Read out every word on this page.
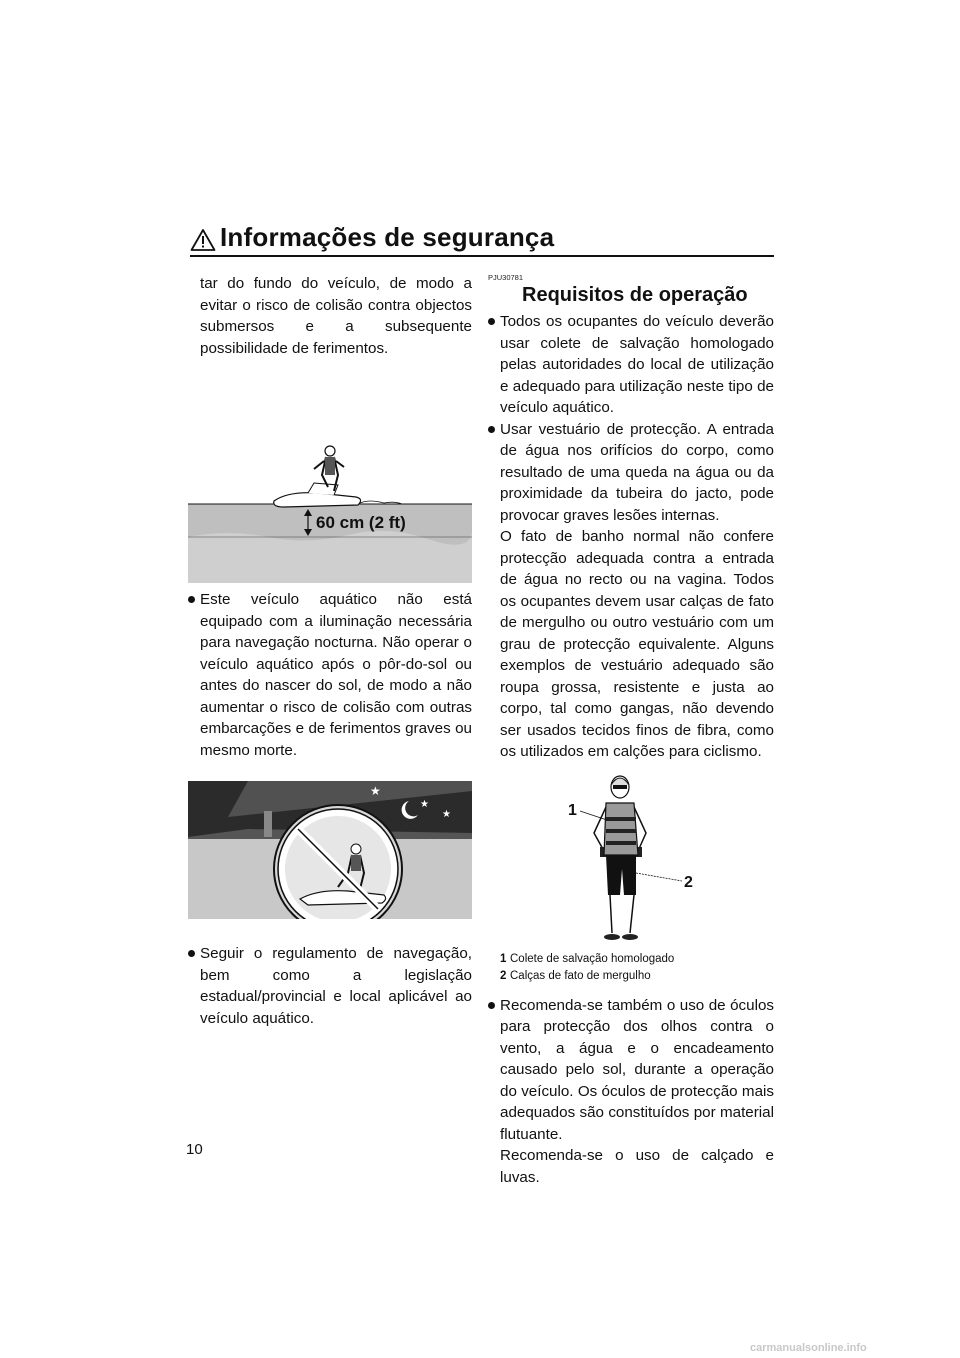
Informações de segurança

tar do fundo do veículo, de modo a evitar o risco de colisão contra objectos submersos e a subsequente possibilidade de ferimentos.

60 cm (2 ft)

Este veículo aquático não está equipado com a iluminação necessária para navegação nocturna. Não operar o veículo aquático após o pôr-do-sol ou antes do nascer do sol, de modo a não aumentar o risco de colisão com outras embarcações e de ferimentos graves ou mesmo morte.

★
★
★

Seguir o regulamento de navegação, bem como a legislação estadual/provincial e local aplicável ao veículo aquático.

PJU30781

Requisitos de operação

Todos os ocupantes do veículo deverão usar colete de salvação homologado pelas autoridades do local de utilização e adequado para utilização neste tipo de veículo aquático.

Usar vestuário de protecção. A entrada de água nos orifícios do corpo, como resultado de uma queda na água ou da proximidade da tubeira do jacto, pode provocar graves lesões internas.

O fato de banho normal não confere protecção adequada contra a entrada de água no recto ou na vagina. Todos os ocupantes devem usar calças de fato de mergulho ou outro vestuário com um grau de protecção equivalente. Alguns exemplos de vestuário adequado são roupa grossa, resistente e justa ao corpo, tal como gangas, não devendo ser usados tecidos finos de fibra, como os utilizados em calções para ciclismo.

1
2

1 Colete de salvação homologado

2 Calças de fato de mergulho

Recomenda-se também o uso de óculos para protecção dos olhos contra o vento, a água e o encadeamento causado pelo sol, durante a operação do veículo. Os óculos de protecção mais adequados são constituídos por material flutuante.

Recomenda-se o uso de calçado e luvas.

10
carmanualsonline.info
